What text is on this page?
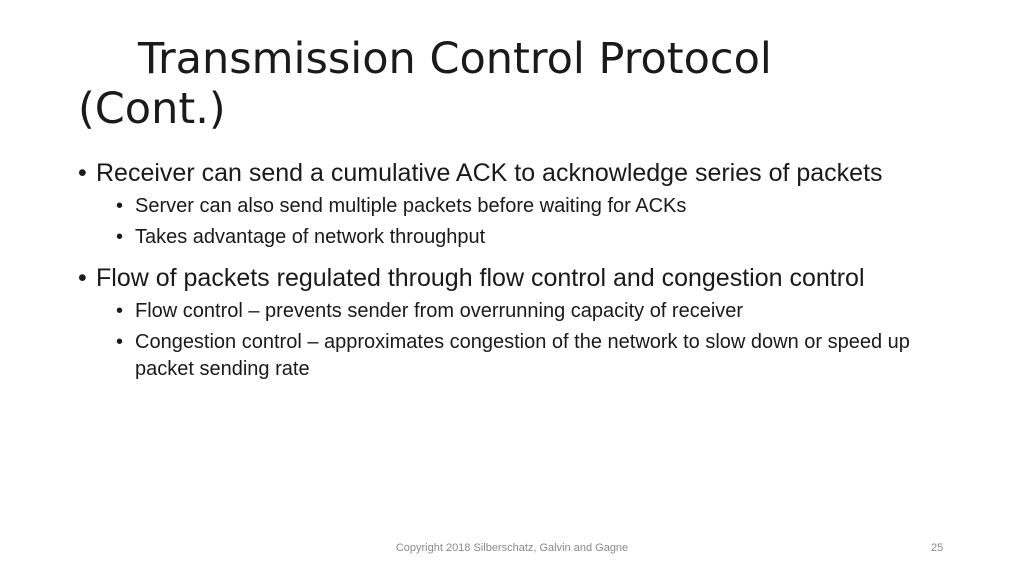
Transmission Control Protocol
(Cont.)
• Receiver can send a cumulative ACK to acknowledge series of packets
• Server can also send multiple packets before waiting for ACKs
• Takes advantage of network throughput
• Flow of packets regulated through flow control and congestion control
• Flow control – prevents sender from overrunning capacity of receiver
• Congestion control – approximates congestion of the network to slow down or speed up packet sending rate
Copyright 2018 Silberschatz, Galvin and Gagne	25
